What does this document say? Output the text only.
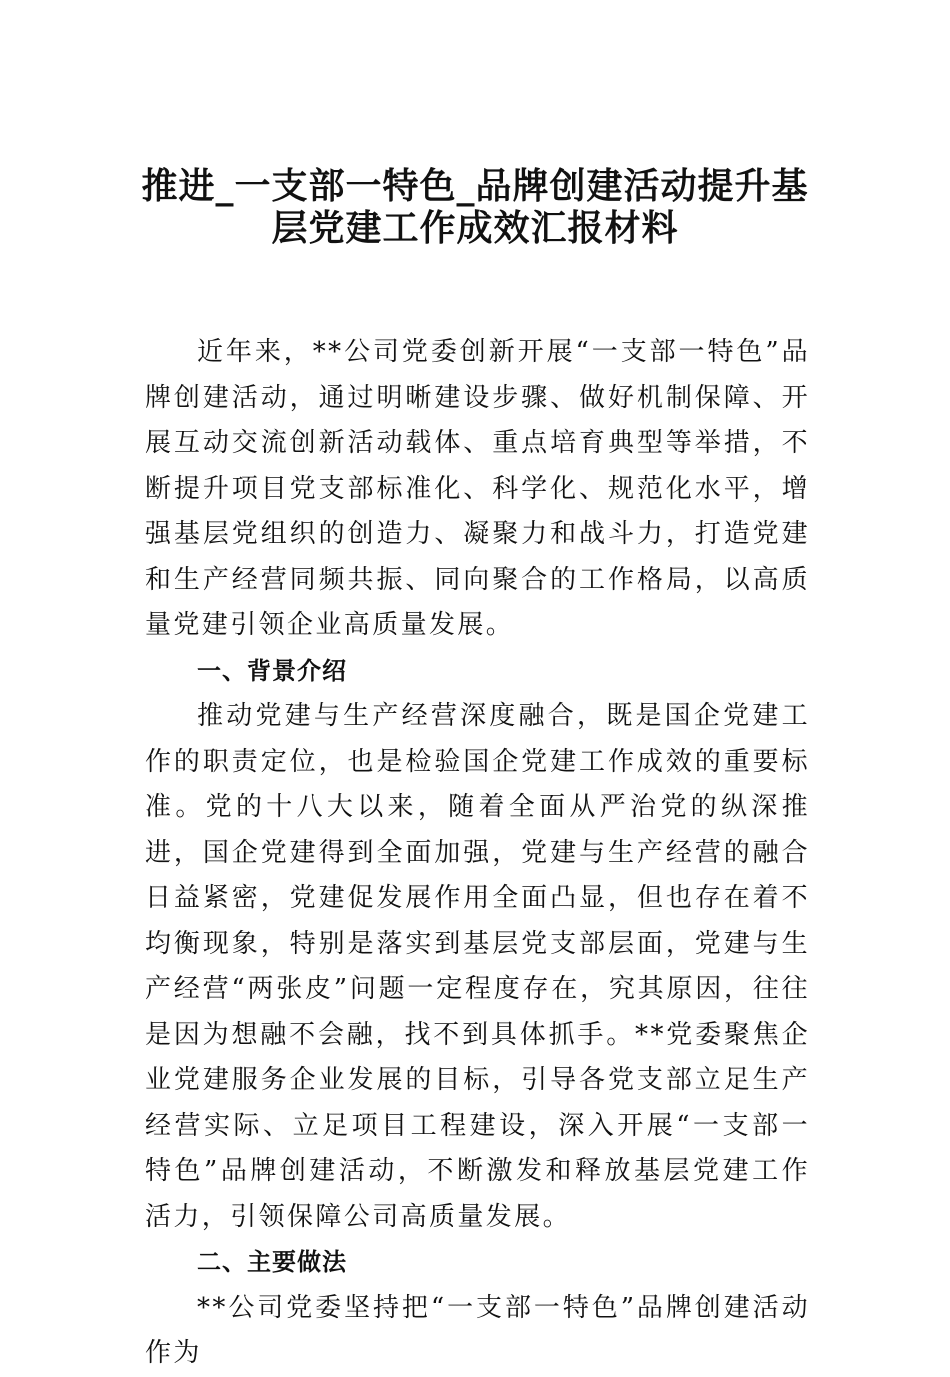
推进_一支部一特色_品牌创建活动提升基
层党建工作成效汇报材料

近年来，**公司党委创新开展“一支部一特色”品牌创建活动，通过明晰建设步骤、做好机制保障、开展互动交流创新活动载体、重点培育典型等举措，不断提升项目党支部标准化、科学化、规范化水平，增强基层党组织的创造力、凝聚力和战斗力，打造党建和生产经营同频共振、同向聚合的工作格局，以高质量党建引领企业高质量发展。

一、背景介绍

推动党建与生产经营深度融合，既是国企党建工作的职责定位，也是检验国企党建工作成效的重要标准。党的十八大以来，随着全面从严治党的纵深推进，国企党建得到全面加强，党建与生产经营的融合日益紧密，党建促发展作用全面凸显，但也存在着不均衡现象，特别是落实到基层党支部层面，党建与生产经营“两张皮”问题一定程度存在，究其原因，往往是因为想融不会融，找不到具体抓手。**党委聚焦企业党建服务企业发展的目标，引导各党支部立足生产经营实际、立足项目工程建设，深入开展“一支部一特色”品牌创建活动，不断激发和释放基层党建工作活力，引领保障公司高质量发展。

二、主要做法

**公司党委坚持把“一支部一特色”品牌创建活动作为
